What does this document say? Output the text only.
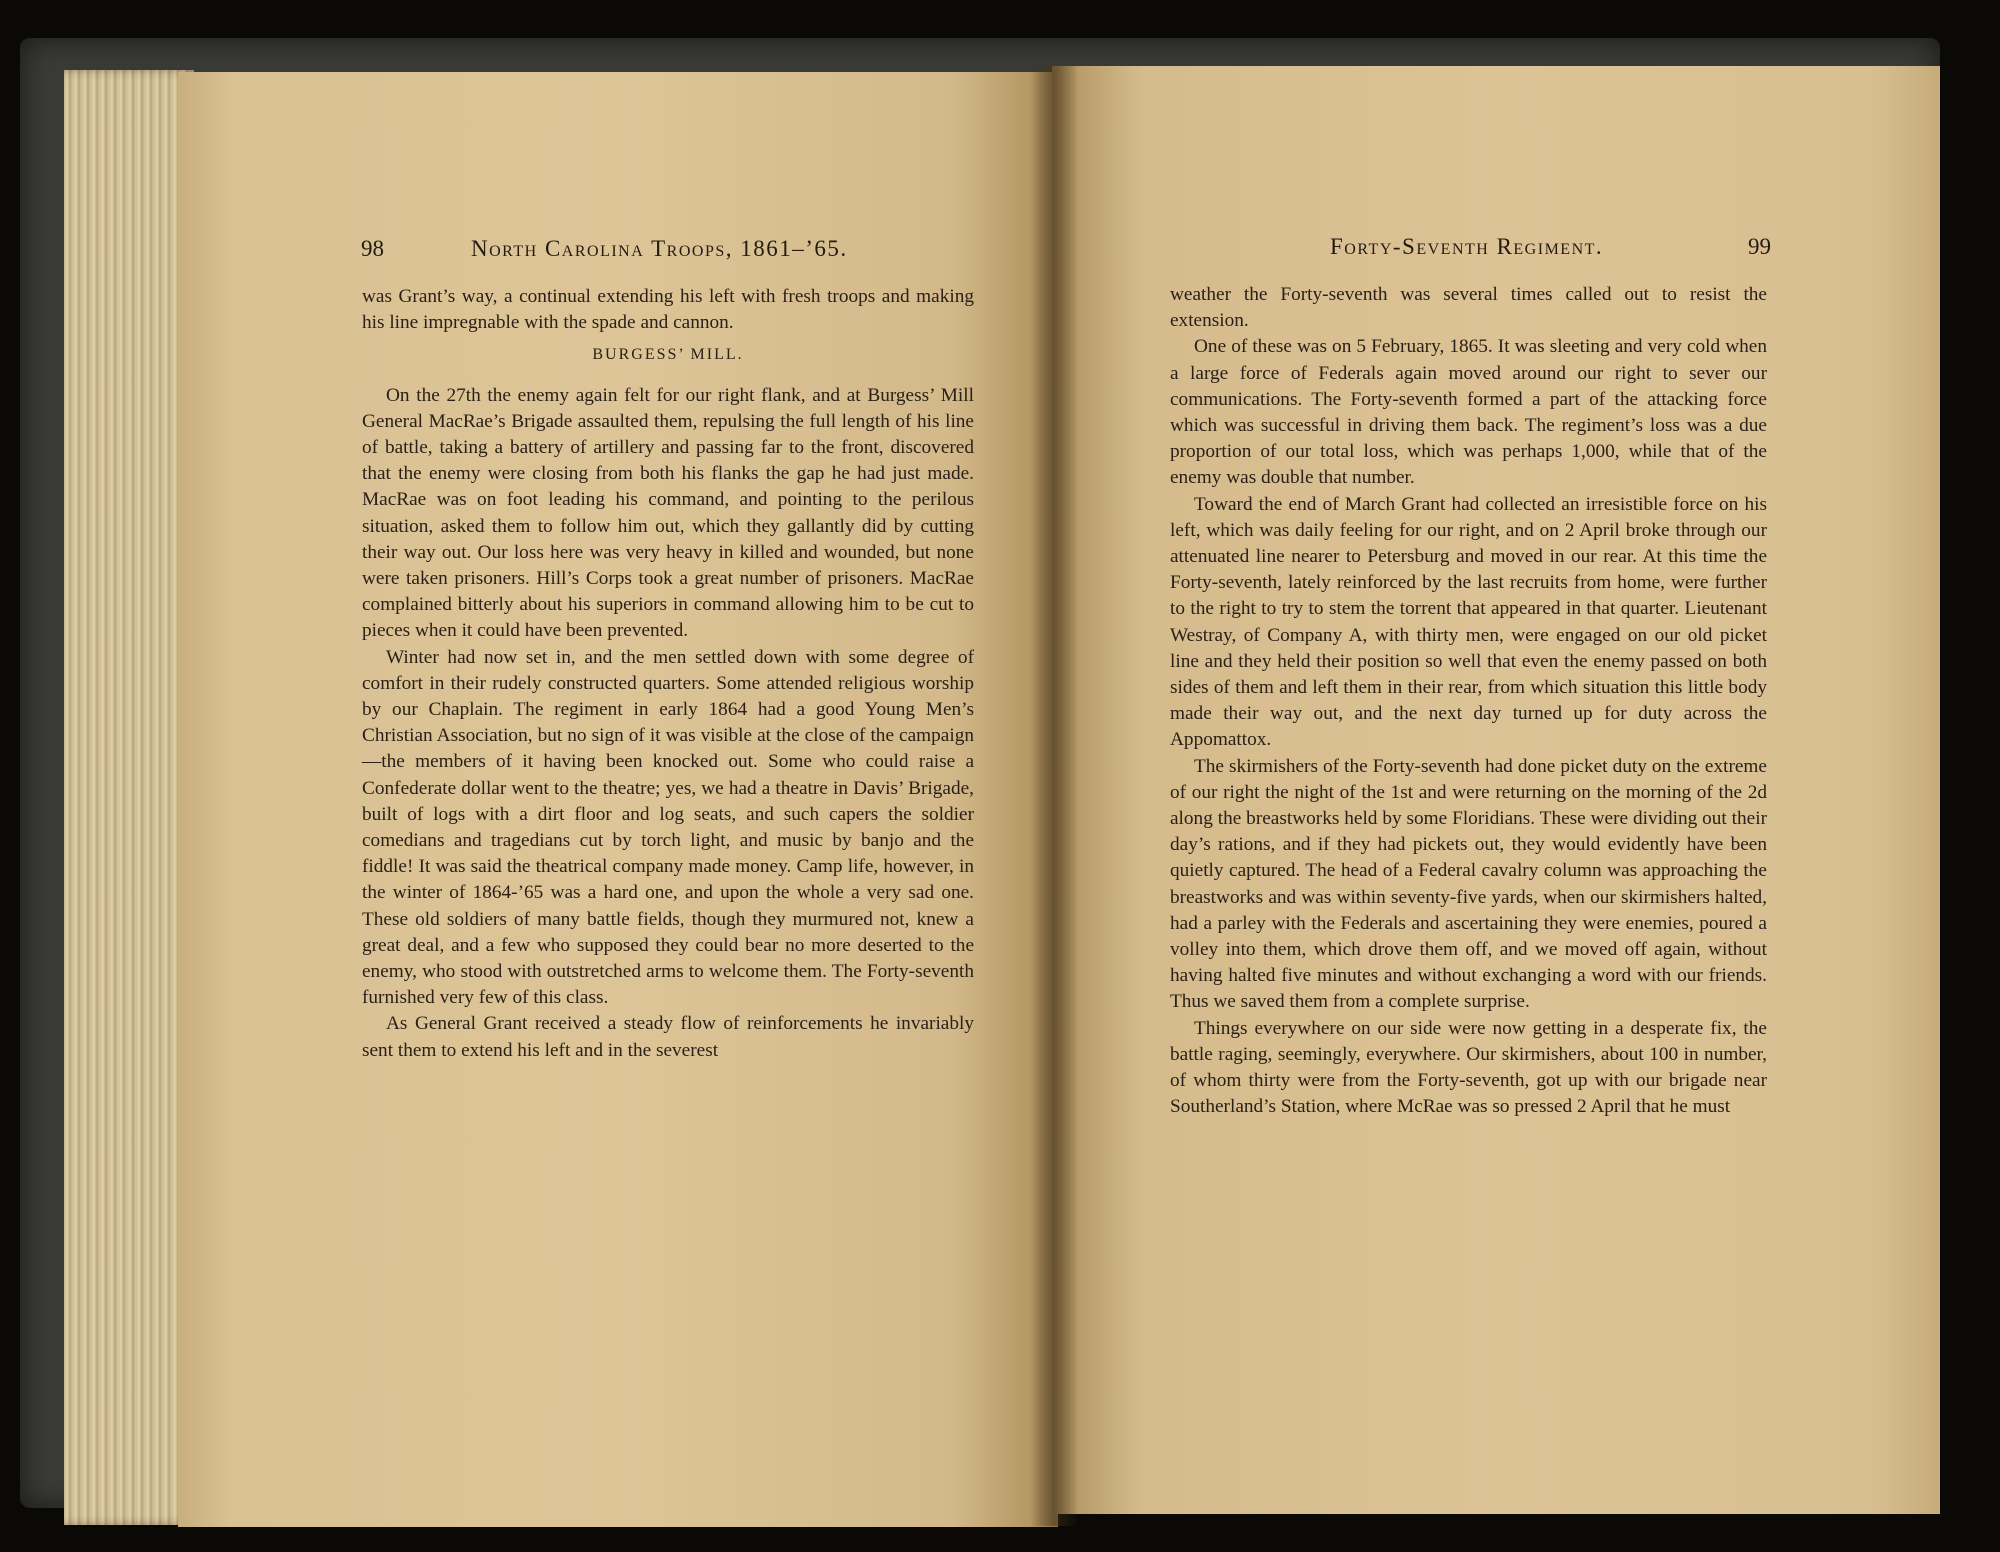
98	North Carolina Troops, 1861–’65.

was Grant’s way, a continual extending his left with fresh troops and making his line impregnable with the spade and cannon.

BURGESS’ MILL.

On the 27th the enemy again felt for our right flank, and at Burgess’ Mill General MacRae’s Brigade assaulted them, repulsing the full length of his line of battle, taking a battery of artillery and passing far to the front, discovered that the enemy were closing from both his flanks the gap he had just made. MacRae was on foot leading his command, and pointing to the perilous situation, asked them to follow him out, which they gallantly did by cutting their way out. Our loss here was very heavy in killed and wounded, but none were taken prisoners. Hill’s Corps took a great number of prisoners. MacRae complained bitterly about his superiors in command allowing him to be cut to pieces when it could have been prevented.

Winter had now set in, and the men settled down with some degree of comfort in their rudely constructed quarters. Some attended religious worship by our Chaplain. The regiment in early 1864 had a good Young Men’s Christian Association, but no sign of it was visible at the close of the campaign—the members of it having been knocked out. Some who could raise a Confederate dollar went to the theatre; yes, we had a theatre in Davis’ Brigade, built of logs with a dirt floor and log seats, and such capers the soldier comedians and tragedians cut by torch light, and music by banjo and the fiddle! It was said the theatrical company made money. Camp life, however, in the winter of 1864-’65 was a hard one, and upon the whole a very sad one. These old soldiers of many battle fields, though they murmured not, knew a great deal, and a few who supposed they could bear no more deserted to the enemy, who stood with outstretched arms to welcome them. The Forty-seventh furnished very few of this class.

As General Grant received a steady flow of reinforcements he invariably sent them to extend his left and in the severest

Forty-Seventh Regiment.	99

weather the Forty-seventh was several times called out to resist the extension.

One of these was on 5 February, 1865. It was sleeting and very cold when a large force of Federals again moved around our right to sever our communications. The Forty-seventh formed a part of the attacking force which was successful in driving them back. The regiment’s loss was a due proportion of our total loss, which was perhaps 1,000, while that of the enemy was double that number.

Toward the end of March Grant had collected an irresistible force on his left, which was daily feeling for our right, and on 2 April broke through our attenuated line nearer to Petersburg and moved in our rear. At this time the Forty-seventh, lately reinforced by the last recruits from home, were further to the right to try to stem the torrent that appeared in that quarter. Lieutenant Westray, of Company A, with thirty men, were engaged on our old picket line and they held their position so well that even the enemy passed on both sides of them and left them in their rear, from which situation this little body made their way out, and the next day turned up for duty across the Appomattox.

The skirmishers of the Forty-seventh had done picket duty on the extreme of our right the night of the 1st and were returning on the morning of the 2d along the breastworks held by some Floridians. These were dividing out their day’s rations, and if they had pickets out, they would evidently have been quietly captured. The head of a Federal cavalry column was approaching the breastworks and was within seventy-five yards, when our skirmishers halted, had a parley with the Federals and ascertaining they were enemies, poured a volley into them, which drove them off, and we moved off again, without having halted five minutes and without exchanging a word with our friends. Thus we saved them from a complete surprise.

Things everywhere on our side were now getting in a desperate fix, the battle raging, seemingly, everywhere. Our skirmishers, about 100 in number, of whom thirty were from the Forty-seventh, got up with our brigade near Southerland’s Station, where McRae was so pressed 2 April that he must
